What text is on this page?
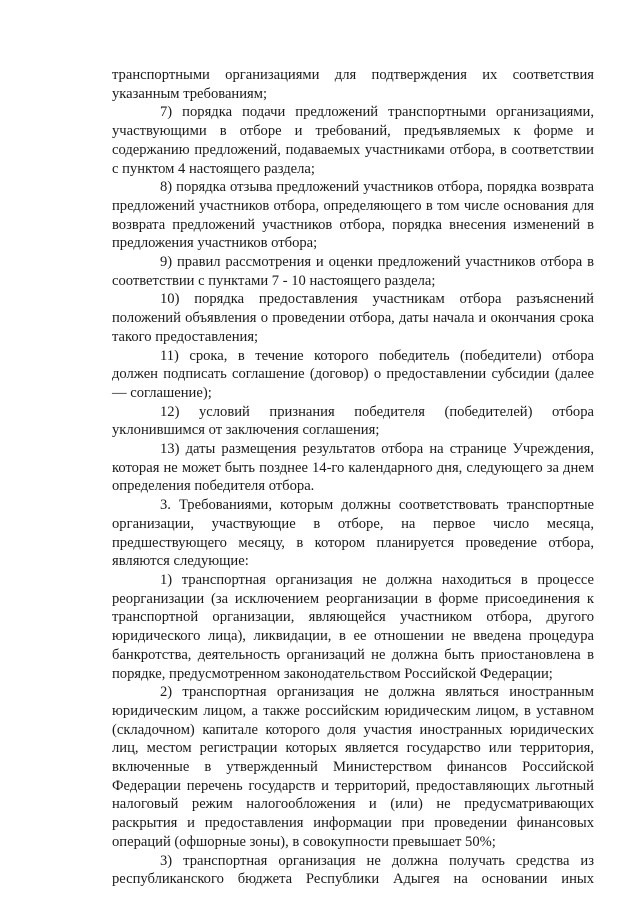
транспортными организациями для подтверждения их соответствия указанным требованиям;

7) порядка подачи предложений транспортными организациями, участвующими в отборе и требований, предъявляемых к форме и содержанию предложений, подаваемых участниками отбора, в соответствии с пунктом 4 настоящего раздела;

8) порядка отзыва предложений участников отбора, порядка возврата предложений участников отбора, определяющего в том числе основания для возврата предложений участников отбора, порядка внесения изменений в предложения участников отбора;

9) правил рассмотрения и оценки предложений участников отбора в соответствии с пунктами 7 - 10 настоящего раздела;

10) порядка предоставления участникам отбора разъяснений положений объявления о проведении отбора, даты начала и окончания срока такого предоставления;

11) срока, в течение которого победитель (победители) отбора должен подписать соглашение (договор) о предоставлении субсидии (далее — соглашение);

12) условий признания победителя (победителей) отбора уклонившимся от заключения соглашения;

13) даты размещения результатов отбора на странице Учреждения, которая не может быть позднее 14-го календарного дня, следующего за днем определения победителя отбора.

3. Требованиями, которым должны соответствовать транспортные организации, участвующие в отборе, на первое число месяца, предшествующего месяцу, в котором планируется проведение отбора, являются следующие:

1) транспортная организация не должна находиться в процессе реорганизации (за исключением реорганизации в форме присоединения к транспортной организации, являющейся участником отбора, другого юридического лица), ликвидации, в ее отношении не введена процедура банкротства, деятельность организаций не должна быть приостановлена в порядке, предусмотренном законодательством Российской Федерации;

2) транспортная организация не должна являться иностранным юридическим лицом, а также российским юридическим лицом, в уставном (складочном) капитале которого доля участия иностранных юридических лиц, местом регистрации которых является государство или территория, включенные в утвержденный Министерством финансов Российской Федерации перечень государств и территорий, предоставляющих льготный налоговый режим налогообложения и (или) не предусматривающих раскрытия и предоставления информации при проведении финансовых операций (офшорные зоны), в совокупности превышает 50%;

3) транспортная организация не должна получать средства из республиканского бюджета Республики Адыгея на основании иных
